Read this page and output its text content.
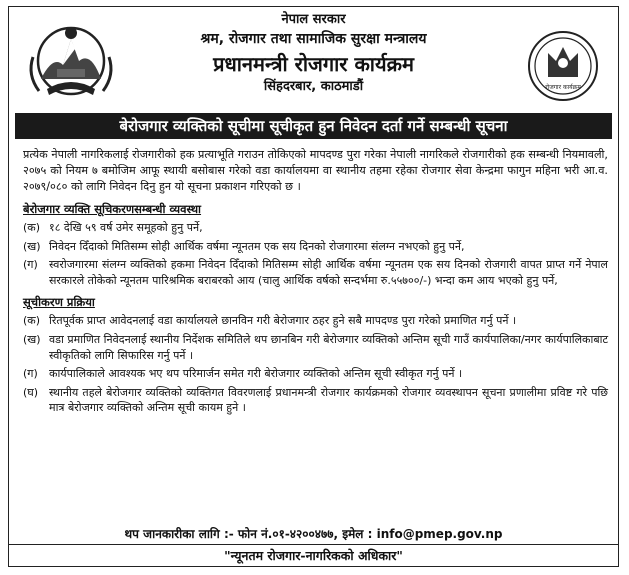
नेपाल सरकार
श्रम, रोजगार तथा सामाजिक सुरक्षा मन्त्रालय
प्रधानमन्त्री रोजगार कार्यक्रम
सिंहदरबार, काठमाडौं	रोजगार कार्यक्रम
बेरोजगार व्यक्तिको सूचीमा सूचीकृत हुन निवेदन दर्ता गर्ने सम्बन्धी सूचना

प्रत्येक नेपाली नागरिकलाई रोजगारीको हक प्रत्याभूति गराउन तोकिएको मापदण्ड पुरा गरेका नेपाली नागरिकले रोजगारीको हक सम्बन्धी नियमावली, २०७५ को नियम ७ बमोजिम आफू स्थायी बसोबास गरेको वडा कार्यालयमा वा स्थानीय तहमा रहेका रोजगार सेवा केन्द्रमा फागुन महिना भरी आ.व. २०७९/०८० को लागि निवेदन दिनु हुन यो सूचना प्रकाशन गरिएको छ ।

बेरोजगार व्यक्ति सूचिकरणसम्बन्धी व्यवस्था
(क) १८ देखि ५९ वर्ष उमेर समूहको हुनु पर्ने,
(ख) निवेदन दिँदाको मितिसम्म सोही आर्थिक वर्षमा न्यूनतम एक सय दिनको रोजगारमा संलग्न नभएको हुनु पर्ने,
(ग)	स्वरोजगारमा संलग्न व्यक्तिको हकमा निवेदन दिँदाको मितिसम्म सोही आर्थिक वर्षमा न्यूनतम एक सय दिनको रोजगारी वापत प्राप्त गर्ने नेपाल सरकारले तोकेको न्यूनतम पारिश्रमिक बराबरको आय (चालु आर्थिक वर्षको सन्दर्भमा रु.५५७००/-) भन्दा कम आय भएको हुनु पर्ने,
सूचीकरण प्रक्रिया
(क) रितपूर्वक प्राप्त आवेदनलाई वडा कार्यालयले छानविन गरी बेरोजगार ठहर हुने सबै मापदण्ड पुरा गरेको प्रमाणित गर्नु पर्ने ।
(ख) वडा प्रमाणित निवेदनलाई स्थानीय निर्देशक समितिले थप छानबिन गरी बेरोजगार व्यक्तिको अन्तिम सूची गाउँ कार्यपालिका/नगर कार्यपालिकाबाट स्वीकृतिको लागि सिफारिस गर्नु पर्ने ।
(ग)	कार्यपालिकाले आवश्यक भए थप परिमार्जन समेत गरी बेरोजगार व्यक्तिको अन्तिम सूची स्वीकृत गर्नु पर्ने ।
(घ) स्थानीय तहले बेरोजगार व्यक्तिको व्यक्तिगत विवरणलाई प्रधानमन्त्री रोजगार कार्यक्रमको रोजगार व्यवस्थापन सूचना प्रणालीमा प्रविष्ट गरे पछि मात्र बेरोजगार व्यक्तिको अन्तिम सूची कायम हुने ।
थप जानकारीका लागि :- फोन नं.०१-४२००४७७, इमेल : info@pmep.gov.np
"न्यूनतम रोजगार-नागरिकको अधिकार"
